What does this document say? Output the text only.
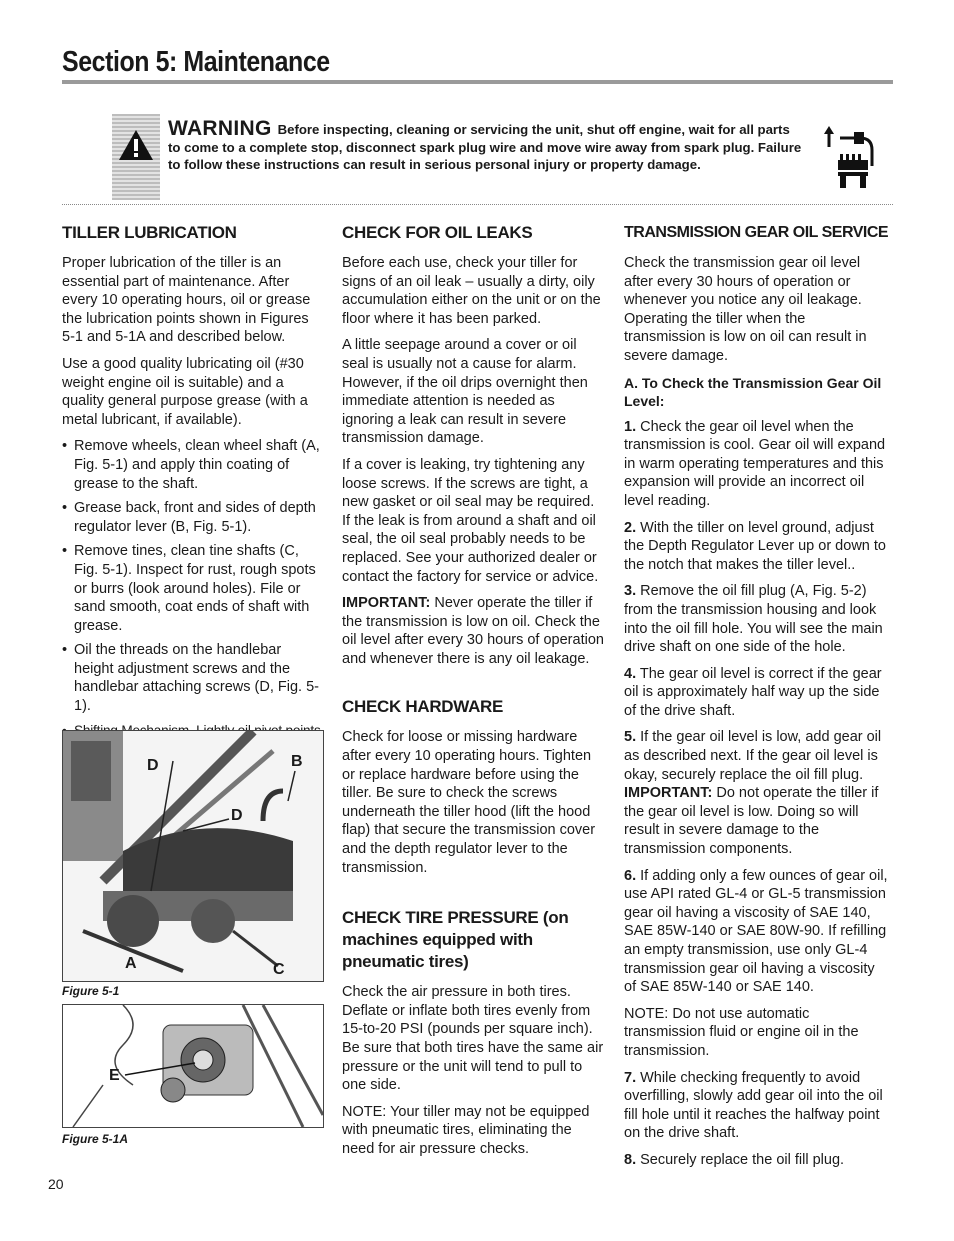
Section 5: Maintenance

WARNING Before inspecting, cleaning or servicing the unit, shut off engine, wait for all parts to come to a complete stop, disconnect spark plug wire and move wire away from spark plug. Failure to follow these instructions can result in serious personal injury or property damage.

TILLER LUBRICATION

Proper lubrication of the tiller is an essential part of maintenance. After every 10 operating hours, oil or grease the lubrication points shown in Figures 5-1 and 5-1A and described below.

Use a good quality lubricating oil (#30 weight engine oil is suitable) and a quality general purpose grease (with a metal lubricant, if available).

• Remove wheels, clean wheel shaft (A, Fig. 5-1) and apply thin coating of grease to the shaft.
• Grease back, front and sides of depth regulator lever (B, Fig. 5-1).
• Remove tines, clean tine shafts (C, Fig. 5-1). Inspect for rust, rough spots or burrs (look around holes). File or sand smooth, coat ends of shaft with grease.
• Oil the threads on the handlebar height adjustment screws and the handlebar attaching screws (D, Fig. 5-1).
•
D	B
D
A	C
Figure 5-1
E
Figure 5-1A
CHECK FOR OIL LEAKS

Before each use, check your tiller for signs of an oil leak – usually a dirty, oily accumulation either on the unit or on the floor where it has been parked.

A little seepage around a cover or oil seal is usually not a cause for alarm. However, if the oil drips overnight then immediate attention is needed as ignoring a leak can result in severe transmission damage.

If a cover is leaking, try tightening any loose screws. If the screws are tight, a new gasket or oil seal may be required. If the leak is from around a shaft and oil seal, the oil seal probably needs to be replaced. See your authorized dealer or contact the factory for service or advice.

IMPORTANT: Never operate the tiller if the transmission is low on oil. Check the oil level after every 30 hours of operation and whenever there is any oil leakage.

CHECK HARDWARE

Check for loose or missing hardware after every 10 operating hours. Tighten or replace hardware before using the tiller. Be sure to check the screws underneath the tiller hood (lift the hood flap) that secure the transmission cover and the depth regulator lever to the transmission.

CHECK TIRE PRESSURE (on machines equipped with pneumatic tires)

Check the air pressure in both tires. Deflate or inflate both tires evenly from 15-to-20 PSI (pounds per square inch). Be sure that both tires have the same air pressure or the unit will tend to pull to one side.

NOTE: Your tiller may not be equipped with pneumatic tires, eliminating the need for air pressure checks.

TRANSMISSION GEAR OIL SERVICE

Check the transmission gear oil level after every 30 hours of operation or whenever you notice any oil leakage. Operating the tiller when the transmission is low on oil can result in severe damage.

A. To Check the Transmission Gear Oil Level:
1. Check the gear oil level when the transmission is cool. Gear oil will expand in warm operating temperatures and this expansion will provide an incorrect oil level reading.
2. With the tiller on level ground, adjust the Depth Regulator Lever up or down to the notch that makes the tiller level..
3. Remove the oil fill plug (A, Fig. 5-2) from the transmission housing and look into the oil fill hole. You will see the main drive shaft on one side of the hole.
4. The gear oil level is correct if the gear oil is approximately half way up the side of the drive shaft.
5. If the gear oil level is low, add gear oil as described next. If the gear oil level is okay, securely replace the oil fill plug.
IMPORTANT: Do not operate the tiller if the gear oil level is low. Doing so will result in severe damage to the transmission components.
6. If adding only a few ounces of gear oil, use API rated GL-4 or GL-5 transmission gear oil having a viscosity of SAE 140, SAE 85W-140 or SAE 80W-90. If refilling an empty transmission, use only GL-4 transmission gear oil having a viscosity of SAE 85W-140 or SAE 140.
NOTE: Do not use automatic transmission fluid or engine oil in the transmission.
7. While checking frequently to avoid overfilling, slowly add gear oil into the oil fill hole until it reaches the halfway point on the drive shaft.
8. Securely replace the oil fill plug.
20
